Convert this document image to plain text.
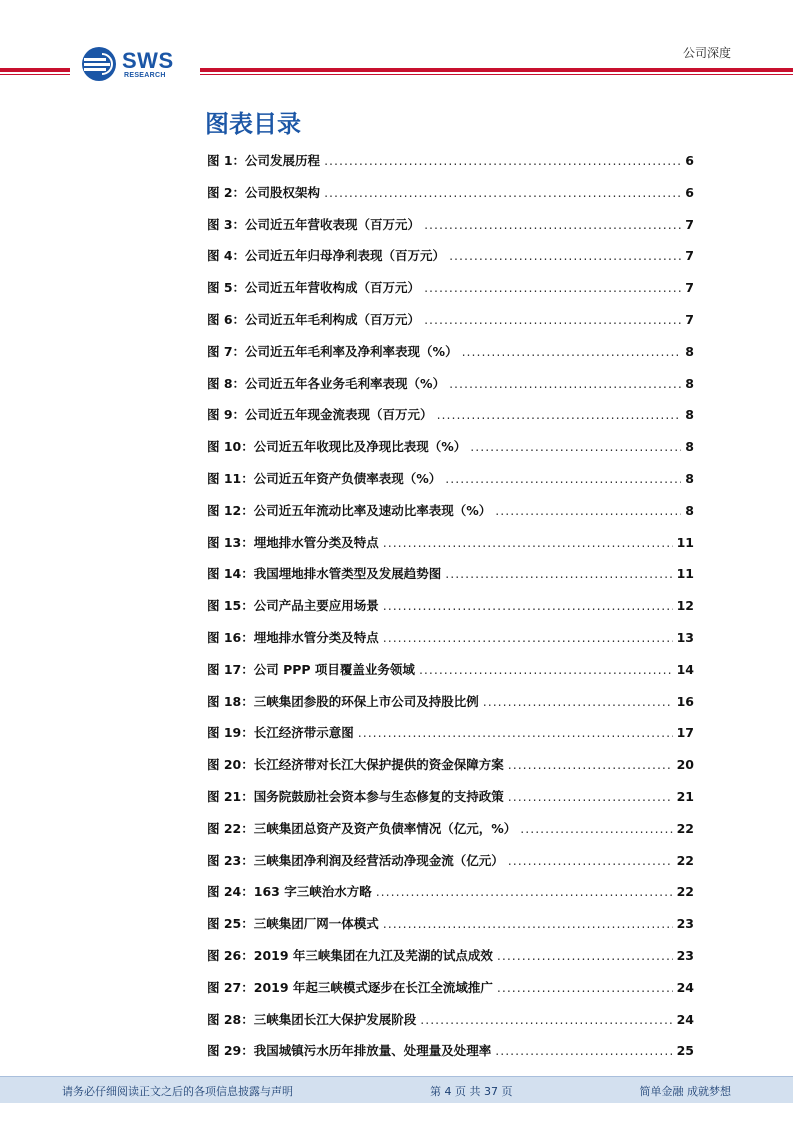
SWS
RESEARCH
公司深度
图表目录
图 1：公司发展历程 .....	6
图 2：公司股权架构 .....	6
图 3：公司近五年营收表现（百万元） .....	7
图 4：公司近五年归母净利表现（百万元） .....	7
图 5：公司近五年营收构成（百万元） .....	7
图 6：公司近五年毛利构成（百万元） .....	7
图 7：公司近五年毛利率及净利率表现（%） .....	8
图 8：公司近五年各业务毛利率表现（%） .....	8
图 9：公司近五年现金流表现（百万元） .....	8
图 10：公司近五年收现比及净现比表现（%） .....	8
图 11：公司近五年资产负债率表现（%） .....	8
图 12：公司近五年流动比率及速动比率表现（%） .....	8
图 13：埋地排水管分类及特点 .....	11
图 14：我国埋地排水管类型及发展趋势图 .....	11
图 15：公司产品主要应用场景 .....	12
图 16：埋地排水管分类及特点 .....	13
图 17：公司 PPP 项目覆盖业务领域 .....	14
图 18：三峡集团参股的环保上市公司及持股比例 .....	16
图 19：长江经济带示意图 .....	17
图 20：长江经济带对长江大保护提供的资金保障方案 .....	20
图 21：国务院鼓励社会资本参与生态修复的支持政策 .....	21
图 22：三峡集团总资产及资产负债率情况（亿元，%） .....	22
图 23：三峡集团净利润及经营活动净现金流（亿元） .....	22
图 24：163 字三峡治水方略 .....	22
图 25：三峡集团厂网一体模式 .....	23
图 26：2019 年三峡集团在九江及芜湖的试点成效 .....	23
图 27：2019 年起三峡模式逐步在长江全流域推广 .....	24
图 28：三峡集团长江大保护发展阶段 .....	24
图 29：我国城镇污水历年排放量、处理量及处理率 .....	25
请务必仔细阅读正文之后的各项信息披露与声明	第 4 页 共 37 页	简单金融 成就梦想
